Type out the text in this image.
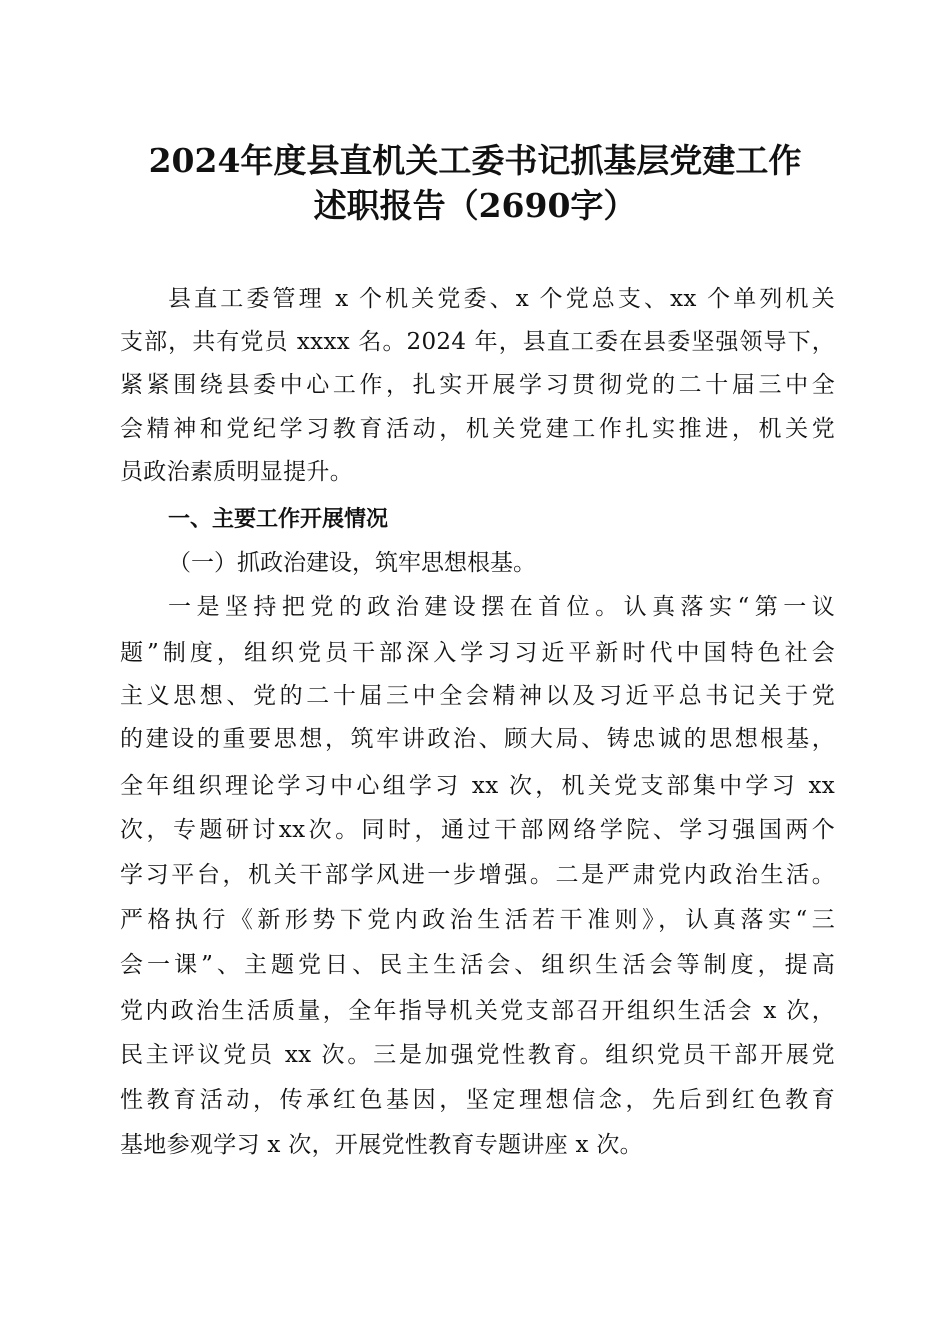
2024年度县直机关工委书记抓基层党建工作
述职报告（2690字）
县直工委管理 x 个机关党委、x 个党总支、xx 个单列机关
支部，共有党员 xxxx 名。2024 年，县直工委在县委坚强领导下，
紧紧围绕县委中心工作，扎实开展学习贯彻党的二十届三中全
会精神和党纪学习教育活动，机关党建工作扎实推进，机关党
员政治素质明显提升。
一、主要工作开展情况
（一）抓政治建设，筑牢思想根基。
一是坚持把党的政治建设摆在首位。认真落实“第一议
题”制度，组织党员干部深入学习习近平新时代中国特色社会
主义思想、党的二十届三中全会精神以及习近平总书记关于党
的建设的重要思想，筑牢讲政治、顾大局、铸忠诚的思想根基，
全年组织理论学习中心组学习 xx 次，机关党支部集中学习 xx
次，专题研讨xx次。同时，通过干部网络学院、学习强国两个
学习平台，机关干部学风进一步增强。二是严肃党内政治生活。
严格执行《新形势下党内政治生活若干准则》，认真落实“三
会一课”、主题党日、民主生活会、组织生活会等制度，提高
党内政治生活质量，全年指导机关党支部召开组织生活会 x 次，
民主评议党员 xx 次。三是加强党性教育。组织党员干部开展党
性教育活动，传承红色基因，坚定理想信念，先后到红色教育
基地参观学习 x 次，开展党性教育专题讲座 x 次。
